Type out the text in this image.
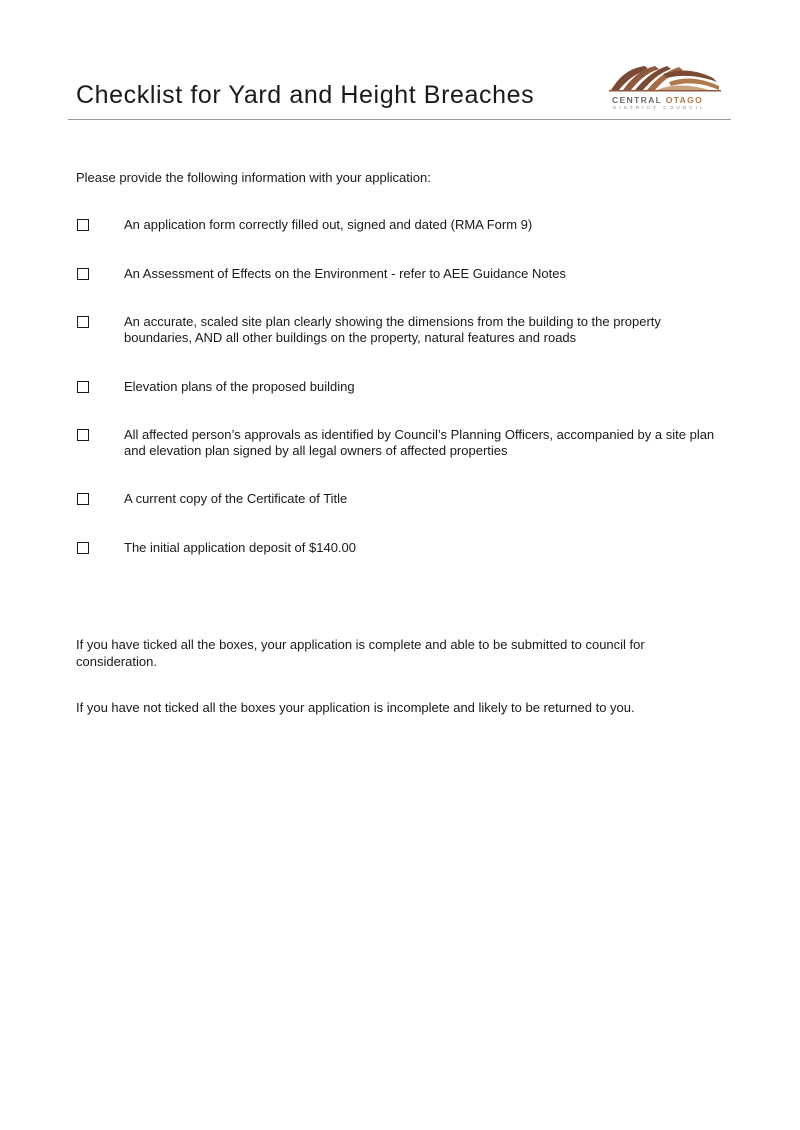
Checklist for Yard and Height Breaches	CENTRAL OTAGO
DISTRICT COUNCIL
Please provide the following information with your application:
An application form correctly filled out, signed and dated (RMA Form 9)
An Assessment of Effects on the Environment - refer to AEE Guidance Notes
An accurate, scaled site plan clearly showing the dimensions from the building to the property boundaries, AND all other buildings on the property, natural features and roads
Elevation plans of the proposed building
All affected person’s approvals as identified by Council’s Planning Officers, accompanied by a site plan and elevation plan signed by all legal owners of affected properties
A current copy of the Certificate of Title
The initial application deposit of $140.00
If you have ticked all the boxes, your application is complete and able to be submitted to council for consideration.
If you have not ticked all the boxes your application is incomplete and likely to be returned to you.
